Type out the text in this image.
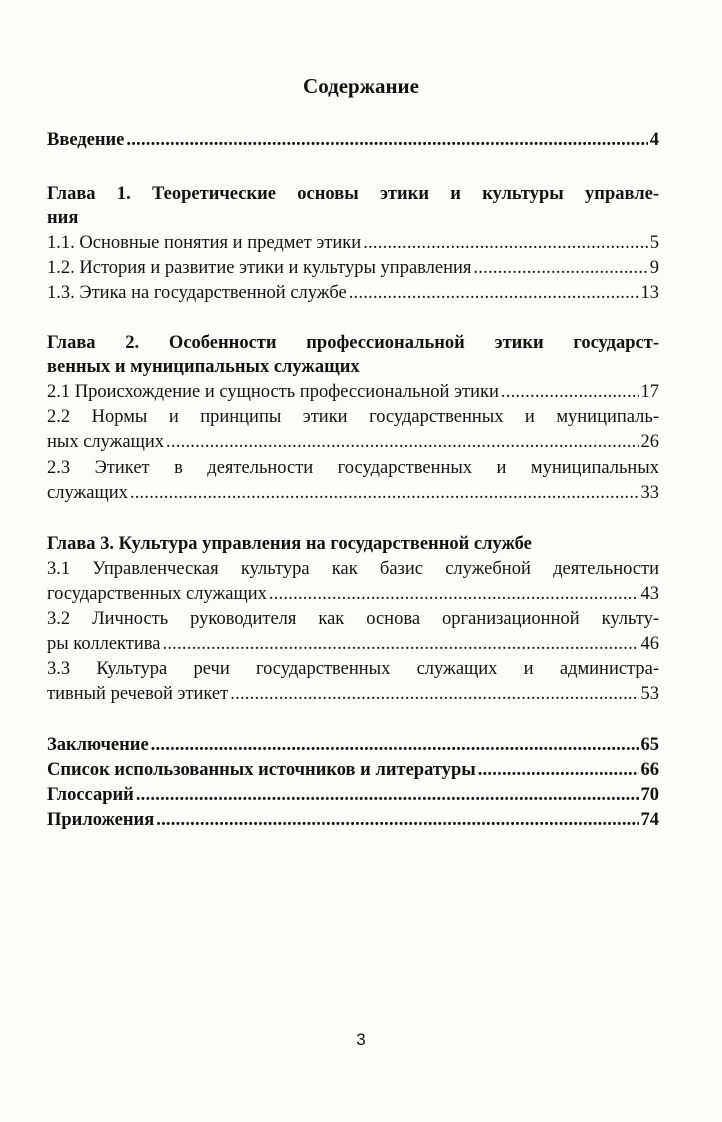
Содержание
Введение . . .	4
Глава 1. Теоретические основы этики и культуры управле-
ния
1.1. Основные понятия и предмет этики . . .	5
1.2. История и развитие этики и культуры управления . . .	9
1.3. Этика на государственной службе . . .	13
Глава 2. Особенности профессиональной этики государст-
венных и муниципальных служащих
2.1 Происхождение и сущность профессиональной этики . . .	17
2.2 Нормы и принципы этики государственных и муниципаль-
ных служащих . . .	26
2.3 Этикет в деятельности государственных и муниципальных
служащих . . .	33
Глава 3. Культура управления на государственной службе
3.1 Управленческая культура как базис служебной деятельности
государственных служащих . . .	43
3.2 Личность руководителя как основа организационной культу-
ры коллектива . . .	46
3.3 Культура речи государственных служащих и администра-
тивный речевой этикет . . .	53
Заключение . . .	65
Список использованных источников и литературы . . .	66
Глоссарий . . .	70
Приложения . . .	74
3
